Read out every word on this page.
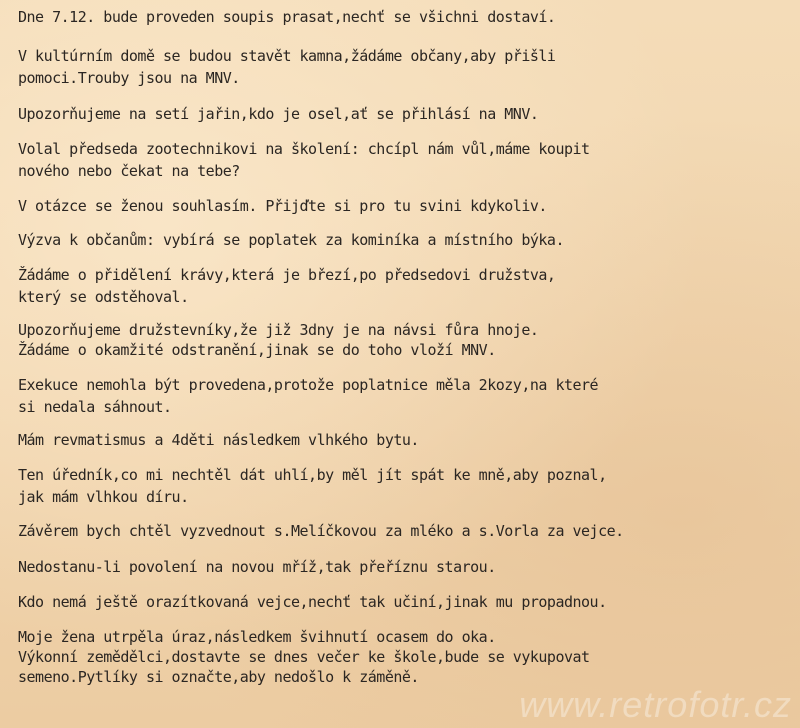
Dne 7.12. bude proveden soupis prasat,nechť se všichni dostaví.

V kultúrním domě se budou stavět kamna,žádáme občany,aby přišli

pomoci.Trouby jsou na MNV.

Upozorňujeme na setí jařin,kdo je osel,ať se přihlásí na MNV.

Volal předseda zootechnikovi na školení: chcípl nám vůl,máme koupit

nového nebo čekat na tebe?

V otázce se ženou souhlasím. Přijďte si pro tu svini kdykoliv.

Výzva k občanům: vybírá se poplatek za kominíka a místního býka.

Žádáme o přidělení krávy,která je březí,po předsedovi družstva,

který se odstěhoval.

Upozorňujeme družstevníky,že již 3dny je na návsi fůra hnoje.

Žádáme o okamžité odstranění,jinak se do toho vloží MNV.

Exekuce nemohla být provedena,protože poplatnice měla 2kozy,na které

si nedala sáhnout.

Mám revmatismus a 4děti následkem vlhkého bytu.

Ten úředník,co mi nechtěl dát uhlí,by měl jít spát ke mně,aby poznal,

jak mám vlhkou díru.

Závěrem bych chtěl vyzvednout s.Melíčkovou za mléko a s.Vorla za vejce.

Nedostanu-li povolení na novou mříž,tak přeříznu starou.

Kdo nemá ještě orazítkovaná vejce,nechť tak učiní,jinak mu propadnou.

Moje žena utrpěla úraz,následkem švihnutí ocasem do oka.

Výkonní zemědělci,dostavte se dnes večer ke škole,bude se vykupovat

semeno.Pytlíky si označte,aby nedošlo k záměně.

www.retrofotr.cz
